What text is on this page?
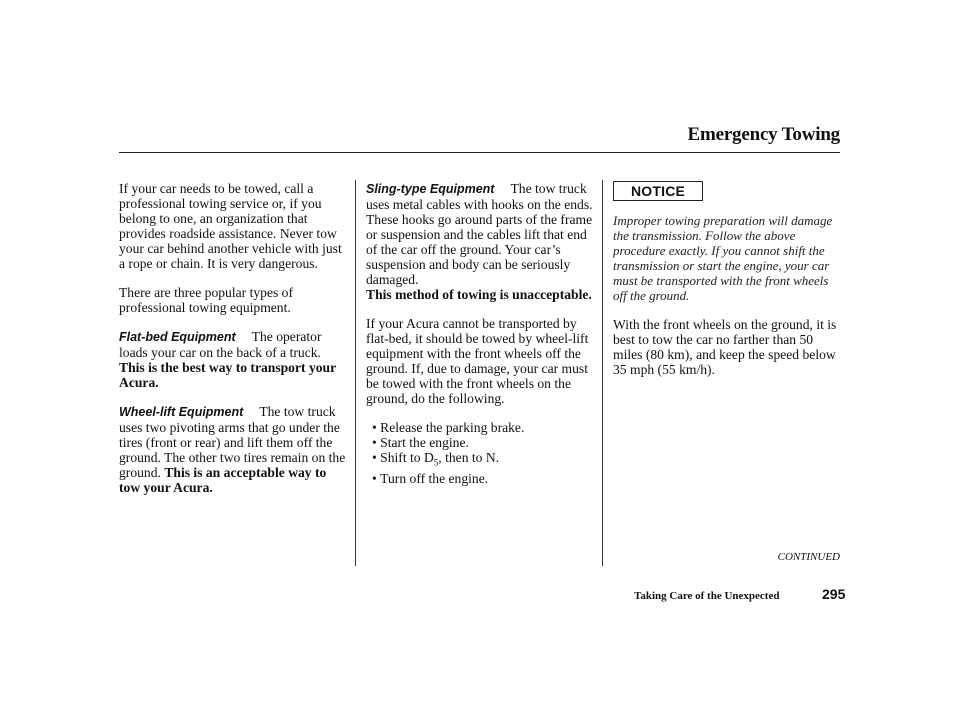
Emergency Towing

If your car needs to be towed, call a professional towing service or, if you belong to one, an organization that provides roadside assistance. Never tow your car behind another vehicle with just a rope or chain. It is very dangerous.

There are three popular types of professional towing equipment.

Flat-bed Equipment The operator loads your car on the back of a truck. This is the best way to transport your Acura.

Wheel-lift Equipment The tow truck uses two pivoting arms that go under the tires (front or rear) and lift them off the ground. The other two tires remain on the ground. This is an acceptable way to tow your Acura.

Sling-type Equipment The tow truck uses metal cables with hooks on the ends. These hooks go around parts of the frame or suspension and the cables lift that end of the car off the ground. Your car’s suspension and body can be seriously damaged.

This method of towing is unacceptable.

If your Acura cannot be transported by flat-bed, it should be towed by wheel-lift equipment with the front wheels off the ground. If, due to damage, your car must be towed with the front wheels on the ground, do the following.

• Release the parking brake.
• Start the engine.
• Shift to $D_5$, then to N.
• Turn off the engine.
NOTICE

Improper towing preparation will damage the transmission. Follow the above procedure exactly. If you cannot shift the transmission or start the engine, your car must be transported with the front wheels off the ground.

With the front wheels on the ground, it is best to tow the car no farther than 50 miles (80 km), and keep the speed below 35 mph (55 km/h).

CONTINUED
Taking Care of the Unexpected	295
